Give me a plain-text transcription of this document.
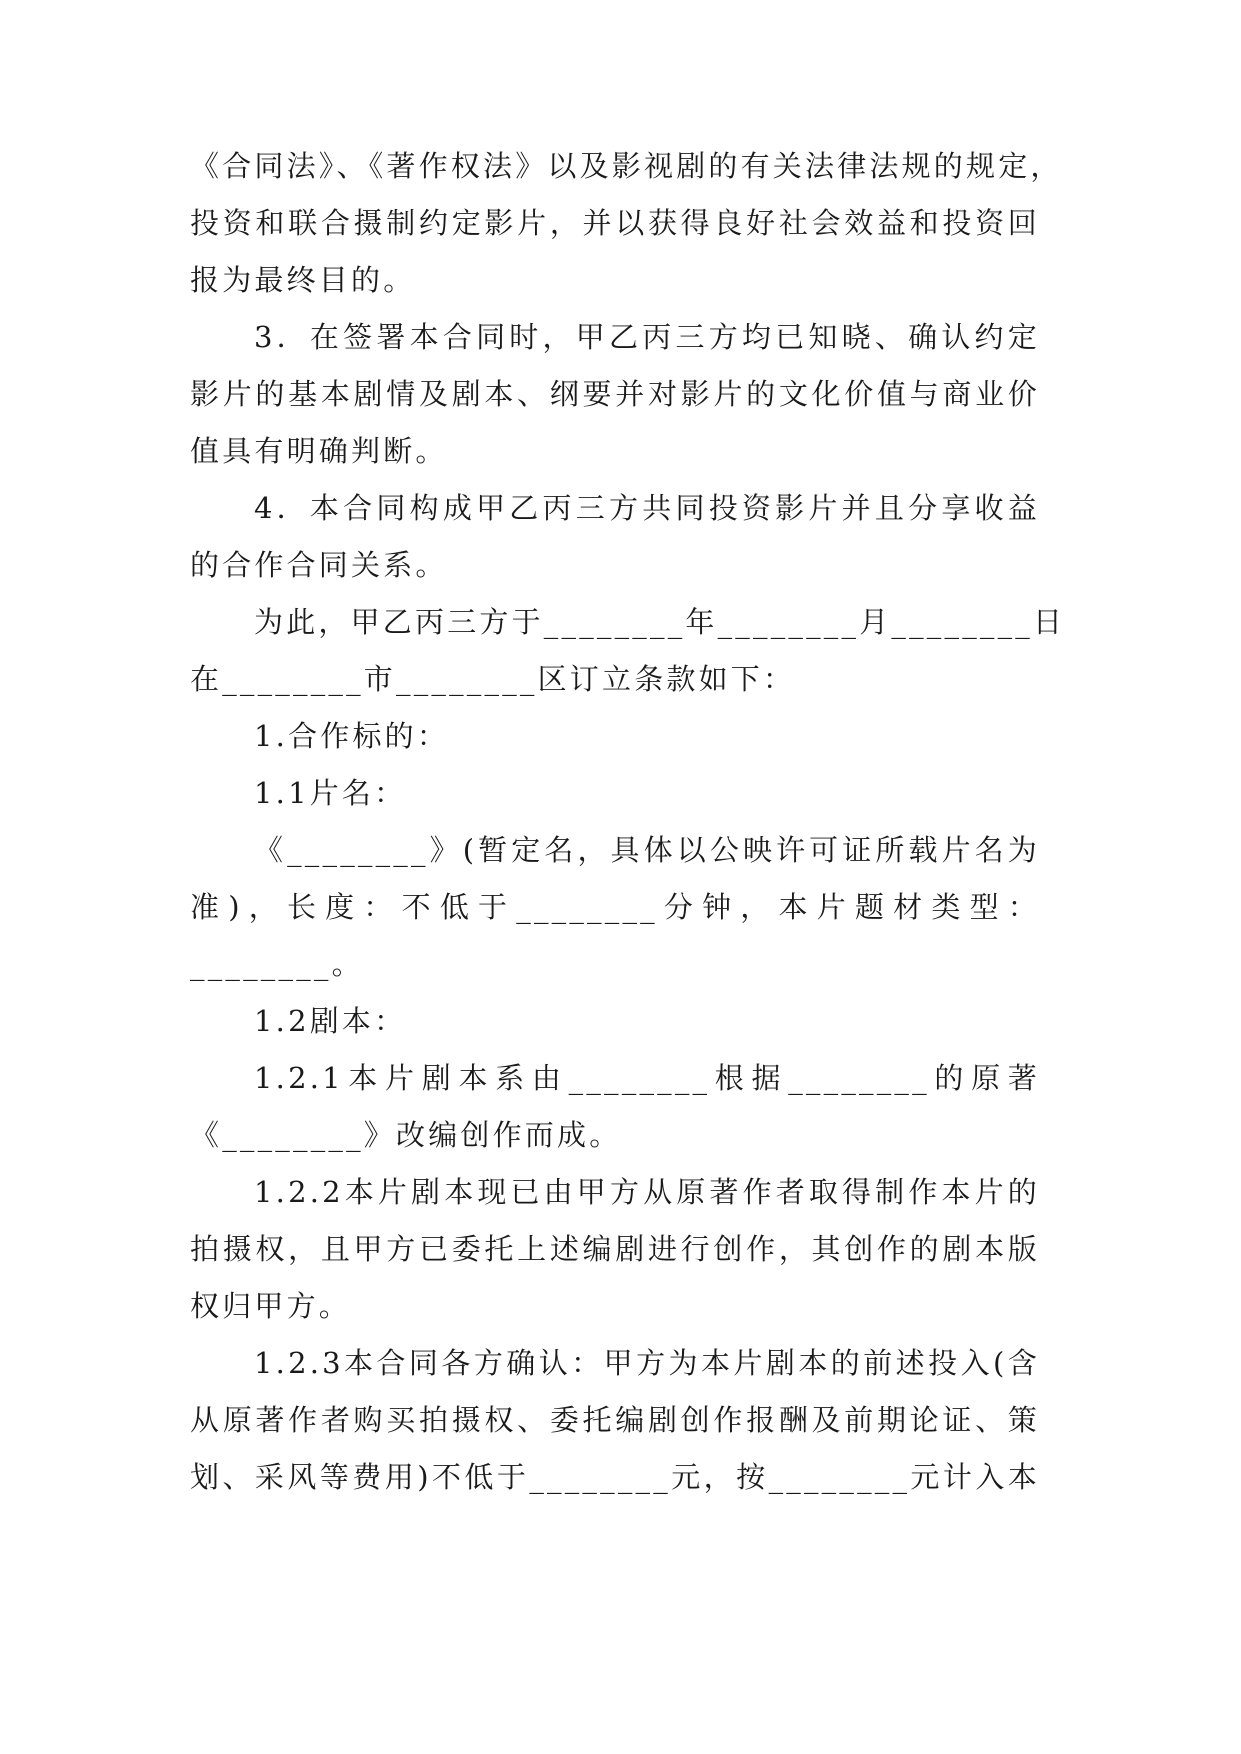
《合同法》、《著作权法》以及影视剧的有关法律法规的规定，
投资和联合摄制约定影片，并以获得良好社会效益和投资回
报为最终目的。
3．在签署本合同时，甲乙丙三方均已知晓、确认约定
影片的基本剧情及剧本、纲要并对影片的文化价值与商业价
值具有明确判断。
4．本合同构成甲乙丙三方共同投资影片并且分享收益
的合作合同关系。
为此，甲乙丙三方于________年________月________日
在________市________区订立条款如下：
1.合作标的：
1.1片名：
《________》(暂定名，具体以公映许可证所载片名为
准)，长度：不低于________分钟，本片题材类型：
________。
1.2剧本：
1.2.1本片剧本系由________根据________的原著
《________》改编创作而成。
1.2.2本片剧本现已由甲方从原著作者取得制作本片的
拍摄权，且甲方已委托上述编剧进行创作，其创作的剧本版
权归甲方。
1.2.3本合同各方确认：甲方为本片剧本的前述投入(含
从原著作者购买拍摄权、委托编剧创作报酬及前期论证、策
划、采风等费用)不低于________元，按________元计入本
